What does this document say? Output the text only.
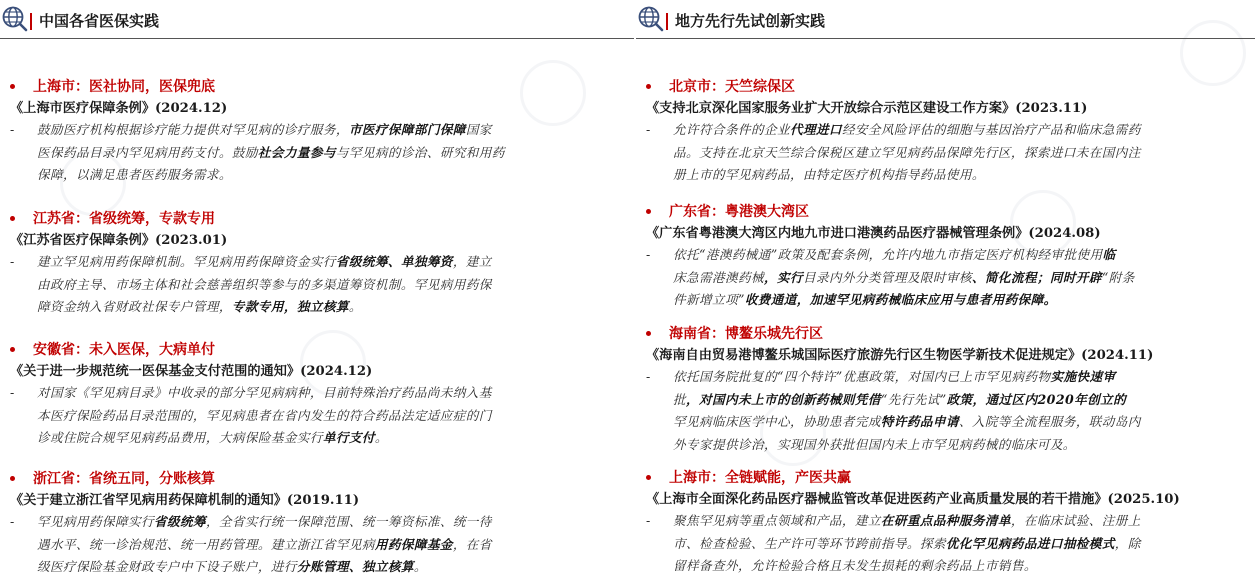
中国各省医保实践
上海市：医社协同，医保兜底
《上海市医疗保障条例》(2024.12)
- 鼓励医疗机构根据诊疗能力提供对罕见病的诊疗服务，市医疗保障部门保障国家
医保药品目录内罕见病用药支付。鼓励社会力量参与与罕见病的诊治、研究和用药
保障，以满足患者医药服务需求。
江苏省：省级统筹，专款专用
《江苏省医疗保障条例》(2023.01)
- 建立罕见病用药保障机制。罕见病用药保障资金实行省级统筹、单独筹资，建立
由政府主导、市场主体和社会慈善组织等参与的多渠道筹资机制。罕见病用药保
障资金纳入省财政社保专户管理，专款专用，独立核算。
安徽省：未入医保，大病单付
《关于进一步规范统一医保基金支付范围的通知》(2024.12)
- 对国家《罕见病目录》中收录的部分罕见病病种，目前特殊治疗药品尚未纳入基
本医疗保险药品目录范围的，罕见病患者在省内发生的符合药品法定适应症的门
诊或住院合规罕见病药品费用，大病保险基金实行单行支付。
浙江省：省统五同，分账核算
《关于建立浙江省罕见病用药保障机制的通知》(2019.11)
- 罕见病用药保障实行省级统筹，全省实行统一保障范围、统一筹资标准、统一待
遇水平、统一诊治规范、统一用药管理。建立浙江省罕见病用药保障基金，在省
级医疗保险基金财政专户中下设子账户，进行分账管理、独立核算。
地方先行先试创新实践
北京市：天竺综保区
《支持北京深化国家服务业扩大开放综合示范区建设工作方案》(2023.11)
- 允许符合条件的企业代理进口经安全风险评估的细胞与基因治疗产品和临床急需药
品。支持在北京天竺综合保税区建立罕见病药品保障先行区，探索进口未在国内注
册上市的罕见病药品，由特定医疗机构指导药品使用。
广东省：粤港澳大湾区
《广东省粤港澳大湾区内地九市进口港澳药品医疗器械管理条例》(2024.08)
- 依托“港澳药械通”政策及配套条例，允许内地九市指定医疗机构经审批使用临
床急需港澳药械，实行目录内外分类管理及限时审核、简化流程；同时开辟“附条
件新增立项”收费通道，加速罕见病药械临床应用与患者用药保障。
海南省：博鳌乐城先行区
《海南自由贸易港博鳌乐城国际医疗旅游先行区生物医学新技术促进规定》(2024.11)
- 依托国务院批复的“四个特许”优惠政策，对国内已上市罕见病药物实施快速审
批，对国内未上市的创新药械则凭借“先行先试”政策，通过区内2020年创立的
罕见病临床医学中心，协助患者完成特许药品申请、入院等全流程服务，联动岛内
外专家提供诊治，实现国外获批但国内未上市罕见病药械的临床可及。
上海市：全链赋能，产医共赢
《上海市全面深化药品医疗器械监管改革促进医药产业高质量发展的若干措施》(2025.10)
- 聚焦罕见病等重点领域和产品，建立在研重点品种服务清单，在临床试验、注册上
市、检查检验、生产许可等环节跨前指导。探索优化罕见病药品进口抽检模式，除
留样备查外，允许检验合格且未发生损耗的剩余药品上市销售。
